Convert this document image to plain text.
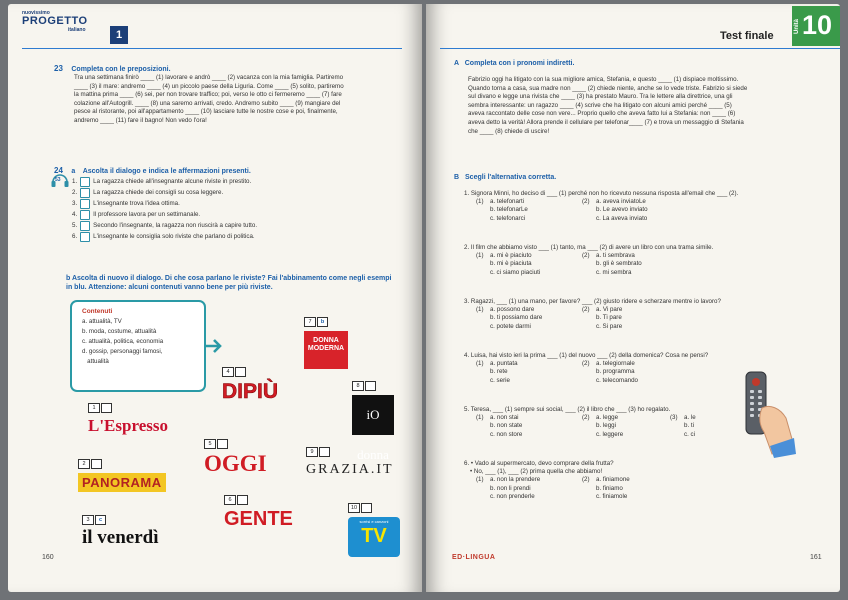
nuovissimo
PROGETTO
italiano	1
23 Completa con le preposizioni.
Tra una settimana finirò ____ (1) lavorare e andrò ____ (2) vacanza con la mia famiglia. Partiremo
____ (3) il mare: andremo ____ (4) un piccolo paese della Liguria. Come ____ (5) solito, partiremo
la mattina prima ____ (6) sei, per non trovare traffico; poi, verso le otto ci fermeremo ____ (7) fare
colazione all'Autogrill. ____ (8) una saremo arrivati, credo. Andremo subito ____ (9) mangiare del
pesce al ristorante, poi all'appartamento ____ (10) lasciare tutte le nostre cose e poi, finalmente,
andremo ____ (11) fare il bagno! Non vedo l'ora!
24 a Ascolta il dialogo e indica le affermazioni presenti.
53 1.	La ragazza chiede all'insegnante alcune riviste in prestito.
2.	La ragazza chiede dei consigli su cosa leggere.
3.	L'insegnante trova l'idea ottima.
4.	Il professore lavora per un settimanale.
5.	Secondo l'insegnante, la ragazza non riuscirà a capire tutto.
6.	L'insegnante le consiglia solo riviste che parlano di politica.
b Ascolta di nuovo il dialogo. Di che cosa parlano le riviste? Fai l'abbinamento come negli esempi
in blu. Attenzione: alcuni contenuti vanno bene per più riviste.
Contenuti
a. attualità, TV
b. moda, costume, attualità
c. attualità, politica, economia
d. gossip, personaggi famosi,
attualità
1
L'Espresso
2
PANORAMA
3	c
il venerdì
4
DIPIÙ
5
OGGI
6
GENTE
7	b
DONNA MODERNA
8
iO donna
9
GRAZIA.IT
10
sorrisi e canzoni
TV
160
Test finale
Unità 10
A Completa con i pronomi indiretti.
Fabrizio oggi ha litigato con la sua migliore amica, Stefania, e questo ____ (1) dispiace moltissimo.
Quando torna a casa, sua madre non ____ (2) chiede niente, anche se lo vede triste. Fabrizio si siede
sul divano e legge una rivista che ____ (3) ha prestato Mauro. Tra le lettere alla direttrice, una gli
sembra interessante: un ragazzo ____ (4) scrive che ha litigato con alcuni amici perché ____ (5)
aveva raccontato delle cose non vere... Proprio quello che aveva fatto lui a Stefania: non ____ (6)
aveva detto la verità! Allora prende il cellulare per telefonar____ (7) e trova un messaggio di Stefania
che ____ (8) chiede di uscire!
B Scegli l'alternativa corretta.
1. Signora Minni, ho deciso di ___ (1) perché non ho ricevuto nessuna risposta all'email che ___ (2).
(1)	a. telefonarti
b. telefonarLe
c. telefonarci
(2)	a. aveva inviatoLe
b. Le avevo inviato
c. La aveva inviato
2. Il film che abbiamo visto ___ (1) tanto, ma ___ (2) di avere un libro con una trama simile.
(1)	a. mi è piaciuto
b. mi è piaciuta
c. ci siamo piaciuti
(2)	a. ti sembrava
b. gli è sembrato
c. mi sembra
3. Ragazzi, ___ (1) una mano, per favore? ___ (2) giusto ridere e scherzare mentre io lavoro?
(1)	a. possono dare
b. ti possiamo dare
c. potete darmi
(2)	a. Vi pare
b. Ti pare
c. Si pare
4. Luisa, hai visto ieri la prima ___ (1) del nuovo ___ (2) della domenica? Cosa ne pensi?
(1)	a. puntata
b. rete
c. serie
(2)	a. telegiornale
b. programma
c. telecomando
5. Teresa, ___ (1) sempre sui social, ___ (2) il libro che ___ (3) ho regalato.
(1)	a. non stai
b. non state
c. non store
(2)	a. legge
b. leggi
c. leggere
(3)	a. le
b. ti
c. ci
6. • Vado al supermercato, devo comprare della frutta?
• No, ___ (1), ___ (2) prima quella che abbiamo!
(1)	a. non la prendere
b. non li prendi
c. non prenderle
(2)	a. finiamone
b. finiamo
c. finiamole
ED·LINGUA	161
